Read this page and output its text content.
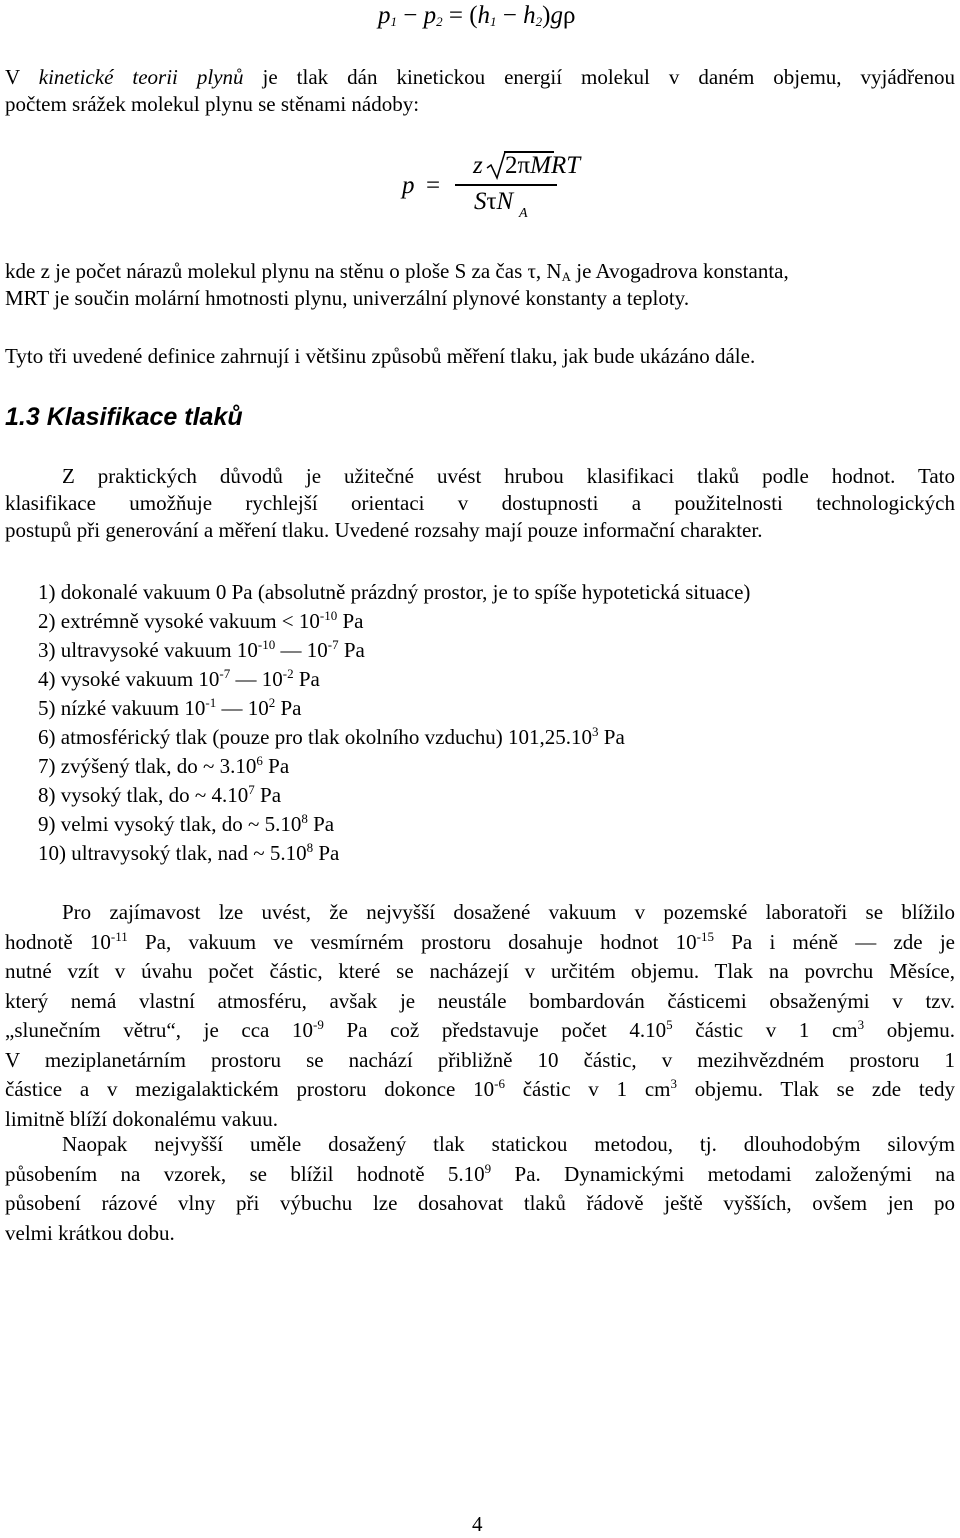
$p_1 - p_2 = (h_1 - h_2)g\rho$
V kinetické teorii plynů je tlak dán kinetickou energií molekul v daném objemu, vyjádřenou
počtem srážek molekul plynu se stěnami nádoby:
p =
z 2πMRT
SτN A
kde z je počet nárazů molekul plynu na stěnu o ploše S za čas τ, $N_A$ je Avogadrova konstanta,
MRT je součin molární hmotnosti plynu, univerzální plynové konstanty a teploty.
Tyto tři uvedené definice zahrnují i většinu způsobů měření tlaku, jak bude ukázáno dále.
1.3 Klasifikace tlaků
Z praktických důvodů je užitečné uvést hrubou klasifikaci tlaků podle hodnot. Tato
klasifikace umožňuje rychlejší orientaci v dostupnosti a použitelnosti technologických
postupů při generování a měření tlaku. Uvedené rozsahy mají pouze informační charakter.
1) dokonalé vakuum 0 Pa (absolutně prázdný prostor, je to spíše hypotetická situace)
2) extrémně vysoké vakuum < $10^{-10}$ Pa
3) ultravysoké vakuum $10^{-10}$ — $10^{-7}$ Pa
4) vysoké vakuum $10^{-7}$ — $10^{-2}$ Pa
5) nízké vakuum $10^{-1}$ — $10^2$ Pa
6) atmosférický tlak (pouze pro tlak okolního vzduchu) 101,25.10$^3$ Pa
7) zvýšený tlak, do ~ 3.10$^6$ Pa
8) vysoký tlak, do ~ 4.10$^7$ Pa
9) velmi vysoký tlak, do ~ 5.10$^8$ Pa
10) ultravysoký tlak, nad ~ 5.10$^8$ Pa
Pro zajímavost lze uvést, že nejvyšší dosažené vakuum v pozemské laboratoři se blížilo
hodnotě $10^{-11}$ Pa, vakuum ve vesmírném prostoru dosahuje hodnot $10^{-15}$ Pa i méně — zde je
nutné vzít v úvahu počet částic, které se nacházejí v určitém objemu. Tlak na povrchu Měsíce,
který nemá vlastní atmosféru, avšak je neustále bombardován částicemi obsaženými v tzv.
„slunečním větru“, je cca $10^{-9}$ Pa což představuje počet 4.10$^5$ částic v 1 $cm^3$ objemu.
V meziplanetárním prostoru se nachází přibližně 10 částic, v mezihvězdném prostoru 1
částice a v mezigalaktickém prostoru dokonce $10^{-6}$ částic v 1 $cm^3$ objemu. Tlak se zde tedy
limitně blíží dokonalému vakuu.
Naopak nejvyšší uměle dosažený tlak statickou metodou, tj. dlouhodobým silovým
působením na vzorek, se blížil hodnotě 5.10$^9$ Pa. Dynamickými metodami založenými na
působení rázové vlny při výbuchu lze dosahovat tlaků řádově ještě vyšších, ovšem jen po
velmi krátkou dobu.
4
